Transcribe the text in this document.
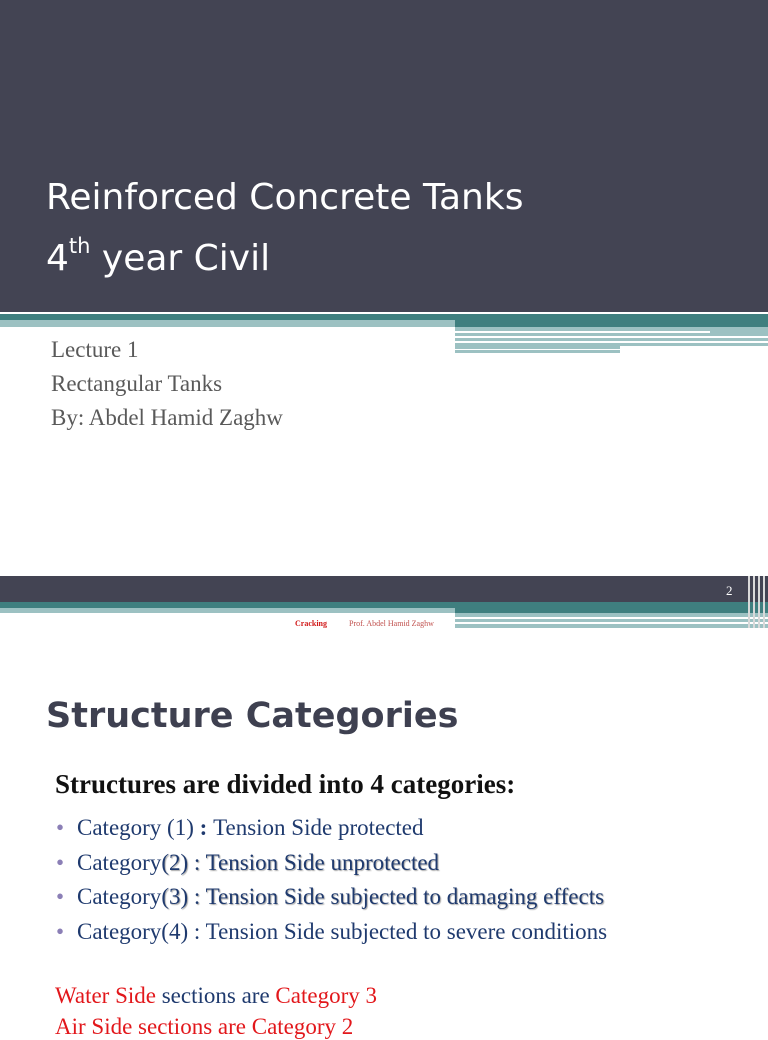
Reinforced Concrete Tanks
4th year Civil
Lecture 1
Rectangular Tanks
By: Abdel Hamid Zaghw
2
Cracking	Prof. Abdel Hamid Zaghw
Structure Categories
Structures are divided into 4 categories:
• Category (1) : Tension Side protected
• Category(2) : Tension Side unprotected
• Category(3) : Tension Side subjected to damaging effects
• Category(4) : Tension Side subjected to severe conditions
Water Side sections are Category 3
Air Side sections are Category 2
